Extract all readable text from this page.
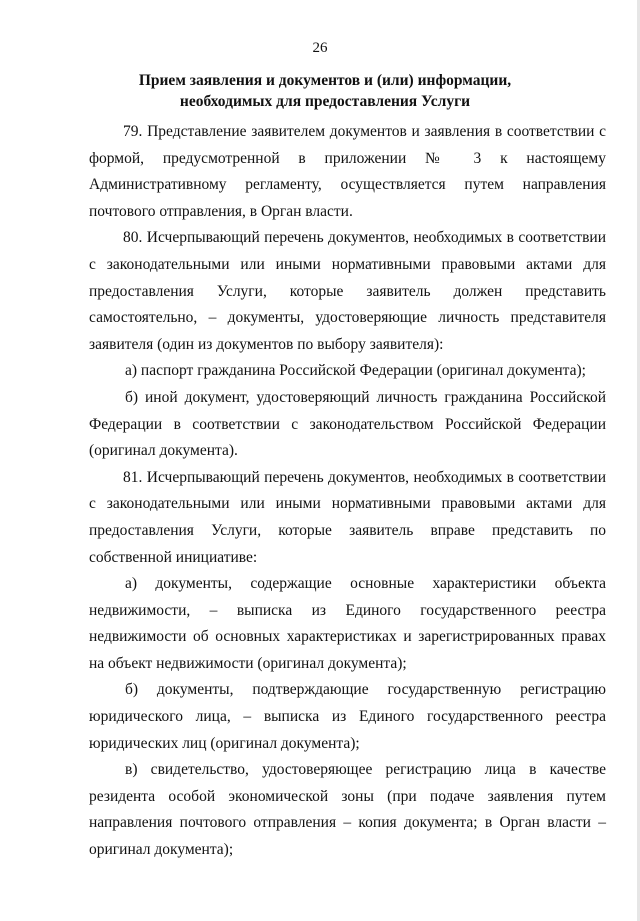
26
Прием заявления и документов и (или) информации,
необходимых для предоставления Услуги

79. Представление заявителем документов и заявления в соответствии с формой, предусмотренной в приложении № 3 к настоящему Административному регламенту, осуществляется путем направления почтового отправления, в Орган власти.

80. Исчерпывающий перечень документов, необходимых в соответствии с законодательными или иными нормативными правовыми актами для предоставления Услуги, которые заявитель должен представить самостоятельно, – документы, удостоверяющие личность представителя заявителя (один из документов по выбору заявителя):

а) паспорт гражданина Российской Федерации (оригинал документа);

б) иной документ, удостоверяющий личность гражданина Российской Федерации в соответствии с законодательством Российской Федерации (оригинал документа).

81. Исчерпывающий перечень документов, необходимых в соответствии с законодательными или иными нормативными правовыми актами для предоставления Услуги, которые заявитель вправе представить по собственной инициативе:

а) документы, содержащие основные характеристики объекта недвижимости, – выписка из Единого государственного реестра недвижимости об основных характеристиках и зарегистрированных правах на объект недвижимости (оригинал документа);

б) документы, подтверждающие государственную регистрацию юридического лица, – выписка из Единого государственного реестра юридических лиц (оригинал документа);

в) свидетельство, удостоверяющее регистрацию лица в качестве резидента особой экономической зоны (при подаче заявления путем направления почтового отправления – копия документа; в Орган власти – оригинал документа);
